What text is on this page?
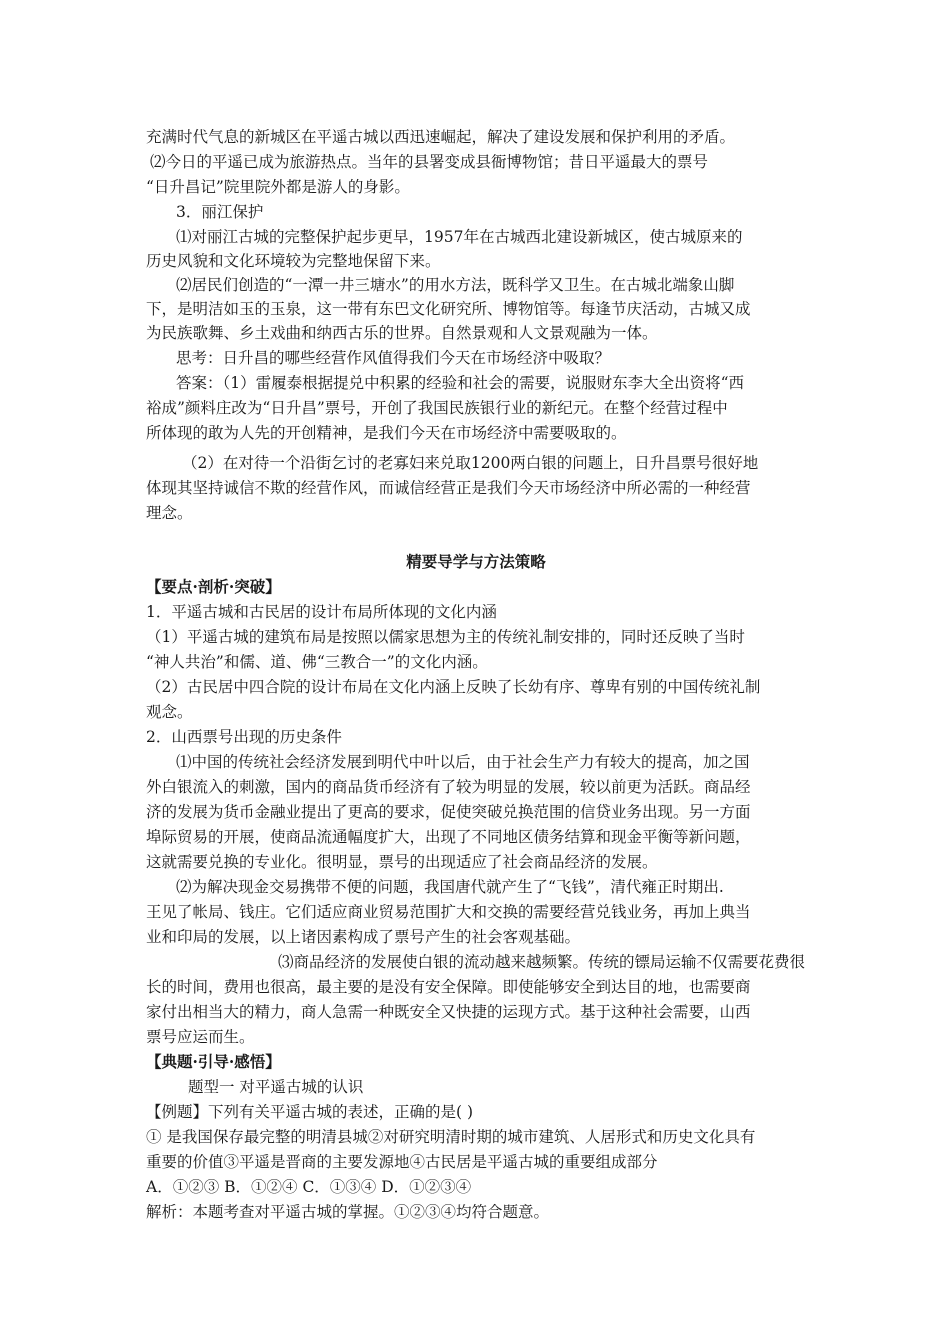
充满时代气息的新城区在平遥古城以西迅速崛起，解决了建设发展和保护利用的矛盾。
⑵今日的平遥已成为旅游热点。当年的县署变成县衙博物馆；昔日平遥最大的票号
“日升昌记”院里院外都是游人的身影。
3．丽江保护
⑴对丽江古城的完整保护起步更早，1957年在古城西北建设新城区，使古城原来的
历史风貌和文化环境较为完整地保留下来。
⑵居民们创造的“一潭一井三塘水”的用水方法，既科学又卫生。在古城北端象山脚
下，是明洁如玉的玉泉，这一带有东巴文化研究所、博物馆等。每逢节庆活动，古城又成
为民族歌舞、乡土戏曲和纳西古乐的世界。自然景观和人文景观融为一体。
思考：日升昌的哪些经营作风值得我们今天在市场经济中吸取？
答案：（1）雷履泰根据提兑中积累的经验和社会的需要，说服财东李大全出资将“西
裕成”颜料庄改为“日升昌”票号，开创了我国民族银行业的新纪元。在整个经营过程中
所体现的敢为人先的开创精神，是我们今天在市场经济中需要吸取的。
（2）在对待一个沿街乞讨的老寡妇来兑取1200两白银的问题上，日升昌票号很好地
体现其坚持诚信不欺的经营作风，而诚信经营正是我们今天市场经济中所必需的一种经营
理念。
精要导学与方法策略
【要点·剖析·突破】
1．平遥古城和古民居的设计布局所体现的文化内涵
（1）平遥古城的建筑布局是按照以儒家思想为主的传统礼制安排的，同时还反映了当时
“神人共治”和儒、道、佛“三教合一”的文化内涵。
（2）古民居中四合院的设计布局在文化内涵上反映了长幼有序、尊卑有别的中国传统礼制
观念。
2．山西票号出现的历史条件
⑴中国的传统社会经济发展到明代中叶以后，由于社会生产力有较大的提高，加之国
外白银流入的刺激，国内的商品货币经济有了较为明显的发展，较以前更为活跃。商品经
济的发展为货币金融业提出了更高的要求，促使突破兑换范围的信贷业务出现。另一方面
埠际贸易的开展，使商品流通幅度扩大，出现了不同地区债务结算和现金平衡等新问题，
这就需要兑换的专业化。很明显，票号的出现适应了社会商品经济的发展。
⑵为解决现金交易携带不便的问题，我国唐代就产生了“飞钱”，清代雍正时期出.
王见了帐局、钱庄。它们适应商业贸易范围扩大和交换的需要经营兑钱业务，再加上典当
业和印局的发展，以上诸因素构成了票号产生的社会客观基础。
⑶商品经济的发展使白银的流动越来越频繁。传统的镖局运输不仅需要花费很
长的时间，费用也很高，最主要的是没有安全保障。即使能够安全到达目的地，也需要商
家付出相当大的精力，商人急需一种既安全又快捷的运现方式。基于这种社会需要，山西
票号应运而生。
【典题·引导·感悟】
题型一 对平遥古城的认识
【例题】下列有关平遥古城的表述，正确的是( )
① 是我国保存最完整的明清县城②对研究明清时期的城市建筑、人居形式和历史文化具有
重要的价值③平遥是晋商的主要发源地④古民居是平遥古城的重要组成部分
A．①②③ B．①②④ C．①③④ D．①②③④
解析：本题考查对平遥古城的掌握。①②③④均符合题意。
